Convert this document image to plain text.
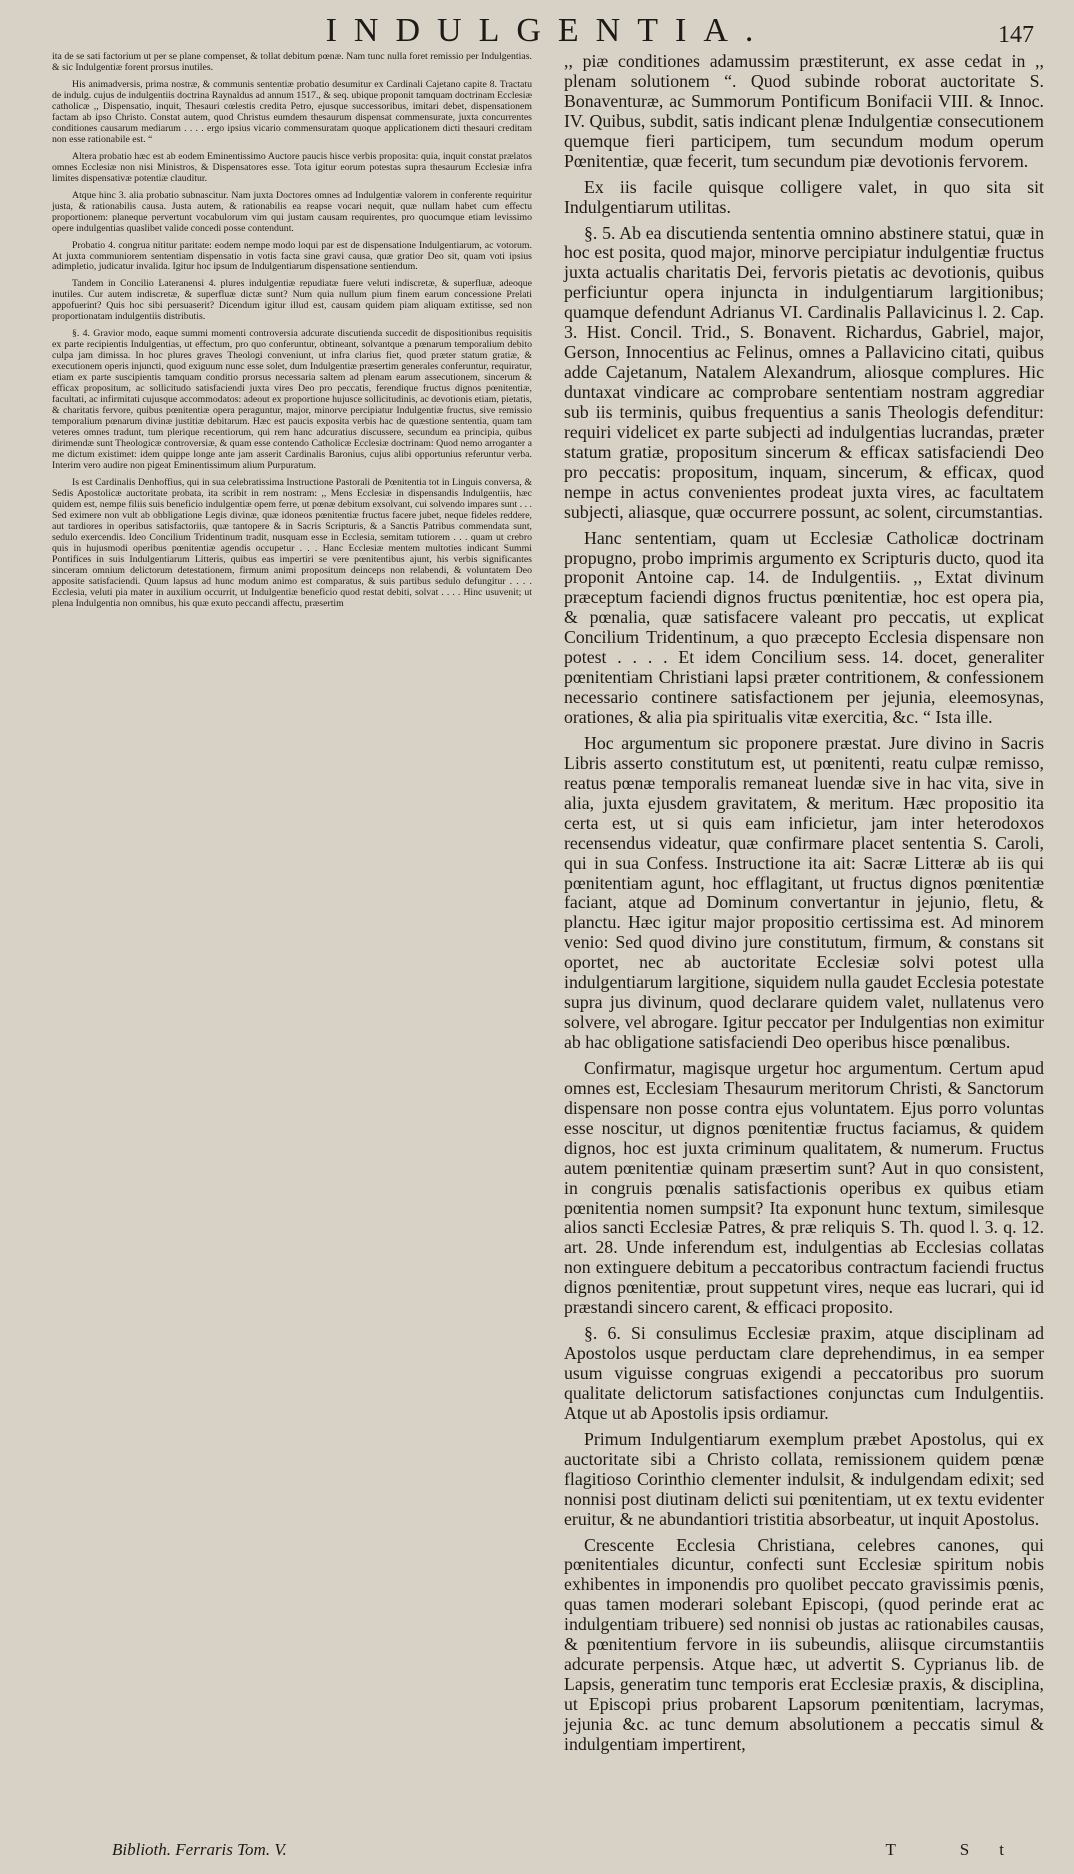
INDULGENTIA.	147

ita de se sati factorium ut per se plane compenset, & tollat debitum pœnæ. Nam tunc nulla foret remissio per Indulgentias. & sic Indulgentiæ forent prorsus inutiles.

His animadversis, prima nostræ, & communis sententiæ probatio desumitur ex Cardinali Cajetano capite 8. Tractatu de indulg. cujus de indulgentiis doctrina Raynaldus ad annum 1517., & seq. ubique proponit tamquam doctrinam Ecclesiæ catholicæ ,, Dispensatio, inquit, Thesauri cœlestis credita Petro, ejusque successoribus, imitari debet, dispensationem factam ab ipso Christo. Constat autem, quod Christus eumdem thesaurum dispensat commensurate, juxta concurrentes conditiones causarum mediarum . . . . ergo ipsius vicario commensuratam quoque applicationem dicti thesauri creditam non esse rationabile est. “

Altera probatio hæc est ab eodem Eminentissimo Auctore paucis hisce verbis proposita: quia, inquit constat prælatos omnes Ecclesiæ non nisi Ministros, & Dispensatores esse. Tota igitur eorum potestas supra thesaurum Ecclesiæ infra limites dispensativæ potentiæ clauditur.

Atque hinc 3. alia probatio subnascitur. Nam juxta Doctores omnes ad Indulgentiæ valorem in conferente requiritur justa, & rationabilis causa. Justa autem, & rationabilis ea reapse vocari nequit, quæ nullam habet cum effectu proportionem: planeque pervertunt vocabulorum vim qui justam causam requirentes, pro quocumque etiam levissimo opere indulgentias quaslibet valide concedi posse contendunt.

Probatio 4. congrua nititur paritate: eodem nempe modo loqui par est de dispensatione Indulgentiarum, ac votorum. At juxta communiorem sententiam dispensatio in votis facta sine gravi causa, quæ gratior Deo sit, quam voti ipsius adimpletio, judicatur invalida. Igitur hoc ipsum de Indulgentiarum dispensatione sentiendum.

Tandem in Concilio Lateranensi 4. plures indulgentiæ repudiatæ fuere veluti indiscretæ, & superfluæ, adeoque inutiles. Cur autem indiscretæ, & superfluæ dictæ sunt? Num quia nullum pium finem earum concessione Prelati appofuerint? Quis hoc sibi persuaserit? Dicendum igitur illud est, causam quidem piam aliquam extitisse, sed non proportionatam indulgentiis distributis.

§. 4. Gravior modo, eaque summi momenti controversia adcurate discutienda succedit de dispositionibus requisitis ex parte recipientis Indulgentias, ut effectum, pro quo conferuntur, obtineant, solvantque a pœnarum temporalium debito culpa jam dimissa. In hoc plures graves Theologi conveniunt, ut infra clarius fiet, quod præter statum gratiæ, & executionem operis injuncti, quod exiguum nunc esse solet, dum Indulgentiæ præsertim generales conferuntur, requiratur, etiam ex parte suscipientis tamquam conditio prorsus necessaria saltem ad plenam earum assecutionem, sincerum & efficax propositum, ac sollicitudo satisfaciendi juxta vires Deo pro peccatis, ferendique fructus dignos pœnitentiæ, facultati, ac infirmitati cujusque accommodatos: adeout ex proportione hujusce sollicitudinis, ac devotionis etiam, pietatis, & charitatis fervore, quibus pœnitentiæ opera peraguntur, major, minorve percipiatur Indulgentiæ fructus, sive remissio temporalium pœnarum divinæ justitiæ debitarum. Hæc est paucis exposita verbis hac de quæstione sententia, quam tam veteres omnes tradunt, tum plerique recentiorum, qui rem hanc adcuratius discussere, secundum ea principia, quibus dirimendæ sunt Theologicæ controversiæ, & quam esse contendo Catholicæ Ecclesiæ doctrinam: Quod nemo arroganter a me dictum existimet: idem quippe longe ante jam asserit Cardinalis Baronius, cujus alibi opportunius referuntur verba. Interim vero audire non pigeat Eminentissimum alium Purpuratum.

Is est Cardinalis Denhoffius, qui in sua celebratissima Instructione Pastorali de Pœnitentia tot in Linguis conversa, & Sedis Apostolicæ auctoritate probata, ita scribit in rem nostram: ,, Mens Ecclesiæ in dispensandis Indulgentiis, hæc quidem est, nempe filiis suis beneficio indulgentiæ opem ferre, ut pœnæ debitum exsolvant, cui solvendo impares sunt . . . Sed eximere non vult ab obbligatione Legis divinæ, quæ idoneos pœnitentiæ fructus facere jubet, neque fideles reddere, aut tardiores in operibus satisfactoriis, quæ tantopere & in Sacris Scripturis, & a Sanctis Patribus commendata sunt, sedulo exercendis. Ideo Concilium Tridentinum tradit, nusquam esse in Ecclesia, semitam tutiorem . . . quam ut crebro quis in hujusmodi operibus pœnitentiæ agendis occupetur . . . Hanc Ecclesiæ mentem multoties indicant Summi Pontifices in suis Indulgentiarum Litteris, quibus eas impertiri se vere pœnitentibus ajunt, his verbis significantes sinceram omnium delictorum detestationem, firmum animi propositum deinceps non relabendi, & voluntatem Deo apposite satisfaciendi. Quum lapsus ad hunc modum animo est comparatus, & suis partibus sedulo defungitur . . . . Ecclesia, veluti pia mater in auxilium occurrit, ut Indulgentiæ beneficio quod restat debiti, solvat . . . . Hinc usuvenit; ut plena Indulgentia non omnibus, his quæ exuto peccandi affectu, præsertim

,, piæ conditiones adamussim præstiterunt, ex asse cedat in ,, plenam solutionem “. Quod subinde roborat auctoritate S. Bonaventuræ, ac Summorum Pontificum Bonifacii VIII. & Innoc. IV. Quibus, subdit, satis indicant plenæ Indulgentiæ consecutionem quemque fieri participem, tum secundum modum operum Pœnitentiæ, quæ fecerit, tum secundum piæ devotionis fervorem.

Ex iis facile quisque colligere valet, in quo sita sit Indulgentiarum utilitas.

§. 5. Ab ea discutienda sententia omnino abstinere statui, quæ in hoc est posita, quod major, minorve percipiatur indulgentiæ fructus juxta actualis charitatis Dei, fervoris pietatis ac devotionis, quibus perficiuntur opera injuncta in indulgentiarum largitionibus; quamque defendunt Adrianus VI. Cardinalis Pallavicinus l. 2. Cap. 3. Hist. Concil. Trid., S. Bonavent. Richardus, Gabriel, major, Gerson, Innocentius ac Felinus, omnes a Pallavicino citati, quibus adde Cajetanum, Natalem Alexandrum, aliosque complures. Hic duntaxat vindicare ac comprobare sententiam nostram aggrediar sub iis terminis, quibus frequentius a sanis Theologis defenditur: requiri videlicet ex parte subjecti ad indulgentias lucrandas, præter statum gratiæ, propositum sincerum & efficax satisfaciendi Deo pro peccatis: propositum, inquam, sincerum, & efficax, quod nempe in actus convenientes prodeat juxta vires, ac facultatem subjecti, aliasque, quæ occurrere possunt, ac solent, circumstantias.

Hanc sententiam, quam ut Ecclesiæ Catholicæ doctrinam propugno, probo imprimis argumento ex Scripturis ducto, quod ita proponit Antoine cap. 14. de Indulgentiis. ,, Extat divinum præceptum faciendi dignos fructus pœnitentiæ, hoc est opera pia, & pœnalia, quæ satisfacere valeant pro peccatis, ut explicat Concilium Tridentinum, a quo præcepto Ecclesia dispensare non potest . . . . Et idem Concilium sess. 14. docet, generaliter pœnitentiam Christiani lapsi præter contritionem, & confessionem necessario continere satisfactionem per jejunia, eleemosynas, orationes, & alia pia spiritualis vitæ exercitia, &c. “ Ista ille.

Hoc argumentum sic proponere præstat. Jure divino in Sacris Libris asserto constitutum est, ut pœnitenti, reatu culpæ remisso, reatus pœnæ temporalis remaneat luendæ sive in hac vita, sive in alia, juxta ejusdem gravitatem, & meritum. Hæc propositio ita certa est, ut si quis eam inficietur, jam inter heterodoxos recensendus videatur, quæ confirmare placet sententia S. Caroli, qui in sua Confess. Instructione ita ait: Sacræ Litteræ ab iis qui pœnitentiam agunt, hoc efflagitant, ut fructus dignos pœnitentiæ faciant, atque ad Dominum convertantur in jejunio, fletu, & planctu. Hæc igitur major propositio certissima est. Ad minorem venio: Sed quod divino jure constitutum, firmum, & constans sit oportet, nec ab auctoritate Ecclesiæ solvi potest ulla indulgentiarum largitione, siquidem nulla gaudet Ecclesia potestate supra jus divinum, quod declarare quidem valet, nullatenus vero solvere, vel abrogare. Igitur peccator per Indulgentias non eximitur ab hac obligatione satisfaciendi Deo operibus hisce pœnalibus.

Confirmatur, magisque urgetur hoc argumentum. Certum apud omnes est, Ecclesiam Thesaurum meritorum Christi, & Sanctorum dispensare non posse contra ejus voluntatem. Ejus porro voluntas esse noscitur, ut dignos pœnitentiæ fructus faciamus, & quidem dignos, hoc est juxta criminum qualitatem, & numerum. Fructus autem pœnitentiæ quinam præsertim sunt? Aut in quo consistent, in congruis pœnalis satisfactionis operibus ex quibus etiam pœnitentia nomen sumpsit? Ita exponunt hunc textum, similesque alios sancti Ecclesiæ Patres, & præ reliquis S. Th. quod l. 3. q. 12. art. 28. Unde inferendum est, indulgentias ab Ecclesias collatas non extinguere debitum a peccatoribus contractum faciendi fructus dignos pœnitentiæ, prout suppetunt vires, neque eas lucrari, qui id præstandi sincero carent, & efficaci proposito.

§. 6. Si consulimus Ecclesiæ praxim, atque disciplinam ad Apostolos usque perductam clare deprehendimus, in ea semper usum viguisse congruas exigendi a peccatoribus pro suorum qualitate delictorum satisfactiones conjunctas cum Indulgentiis. Atque ut ab Apostolis ipsis ordiamur.

Primum Indulgentiarum exemplum præbet Apostolus, qui ex auctoritate sibi a Christo collata, remissionem quidem pœnæ flagitioso Corinthio clementer indulsit, & indulgendam edixit; sed nonnisi post diutinam delicti sui pœnitentiam, ut ex textu evidenter eruitur, & ne abundantiori tristitia absorbeatur, ut inquit Apostolus.

Crescente Ecclesia Christiana, celebres canones, qui pœnitentiales dicuntur, confecti sunt Ecclesiæ spiritum nobis exhibentes in imponendis pro quolibet peccato gravissimis pœnis, quas tamen moderari solebant Episcopi, (quod perinde erat ac indulgentiam tribuere) sed nonnisi ob justas ac rationabiles causas, & pœnitentium fervore in iis subeundis, aliisque circumstantiis adcurate perpensis. Atque hæc, ut advertit S. Cyprianus lib. de Lapsis, generatim tunc temporis erat Ecclesiæ praxis, & disciplina, ut Episcopi prius probarent Lapsorum pœnitentiam, lacrymas, jejunia &c. ac tunc demum absolutionem a peccatis simul & indulgentiam impertirent,

Biblioth. Ferraris Tom. V.	T St
